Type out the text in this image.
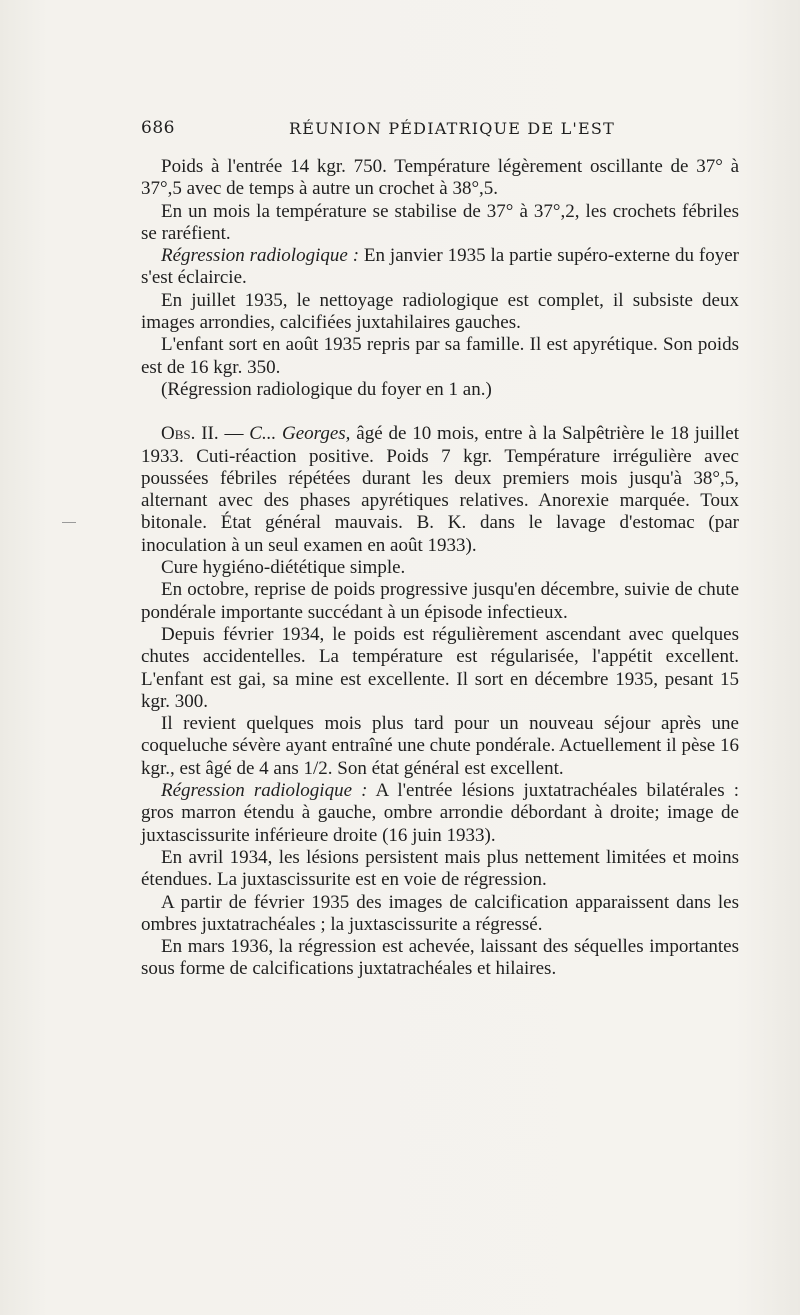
686	RÉUNION PÉDIATRIQUE DE L'EST

Poids à l'entrée 14 kgr. 750. Température légèrement oscillante de 37° à 37°,5 avec de temps à autre un crochet à 38°,5.

En un mois la température se stabilise de 37° à 37°,2, les crochets fébriles se raréfient.

Régression radiologique : En janvier 1935 la partie supéro-externe du foyer s'est éclaircie.

En juillet 1935, le nettoyage radiologique est complet, il subsiste deux images arrondies, calcifiées juxtahilaires gauches.

L'enfant sort en août 1935 repris par sa famille. Il est apyrétique. Son poids est de 16 kgr. 350.

(Régression radiologique du foyer en 1 an.)

Obs. II. — C... Georges, âgé de 10 mois, entre à la Salpêtrière le 18 juillet 1933. Cuti-réaction positive. Poids 7 kgr. Température irrégulière avec poussées fébriles répétées durant les deux premiers mois jusqu'à 38°,5, alternant avec des phases apyrétiques relatives. Anorexie marquée. Toux bitonale. État général mauvais. B. K. dans le lavage d'estomac (par inoculation à un seul examen en août 1933).

Cure hygiéno-diététique simple.

En octobre, reprise de poids progressive jusqu'en décembre, suivie de chute pondérale importante succédant à un épisode infectieux.

Depuis février 1934, le poids est régulièrement ascendant avec quelques chutes accidentelles. La température est régularisée, l'appétit excellent. L'enfant est gai, sa mine est excellente. Il sort en décembre 1935, pesant 15 kgr. 300.

Il revient quelques mois plus tard pour un nouveau séjour après une coqueluche sévère ayant entraîné une chute pondérale. Actuellement il pèse 16 kgr., est âgé de 4 ans 1/2. Son état général est excellent.

Régression radiologique : A l'entrée lésions juxtatrachéales bilatérales : gros marron étendu à gauche, ombre arrondie débordant à droite; image de juxtascissurite inférieure droite (16 juin 1933).

En avril 1934, les lésions persistent mais plus nettement limitées et moins étendues. La juxtascissurite est en voie de régression.

A partir de février 1935 des images de calcification apparaissent dans les ombres juxtatrachéales ; la juxtascissurite a régressé.

En mars 1936, la régression est achevée, laissant des séquelles importantes sous forme de calcifications juxtatrachéales et hilaires.
